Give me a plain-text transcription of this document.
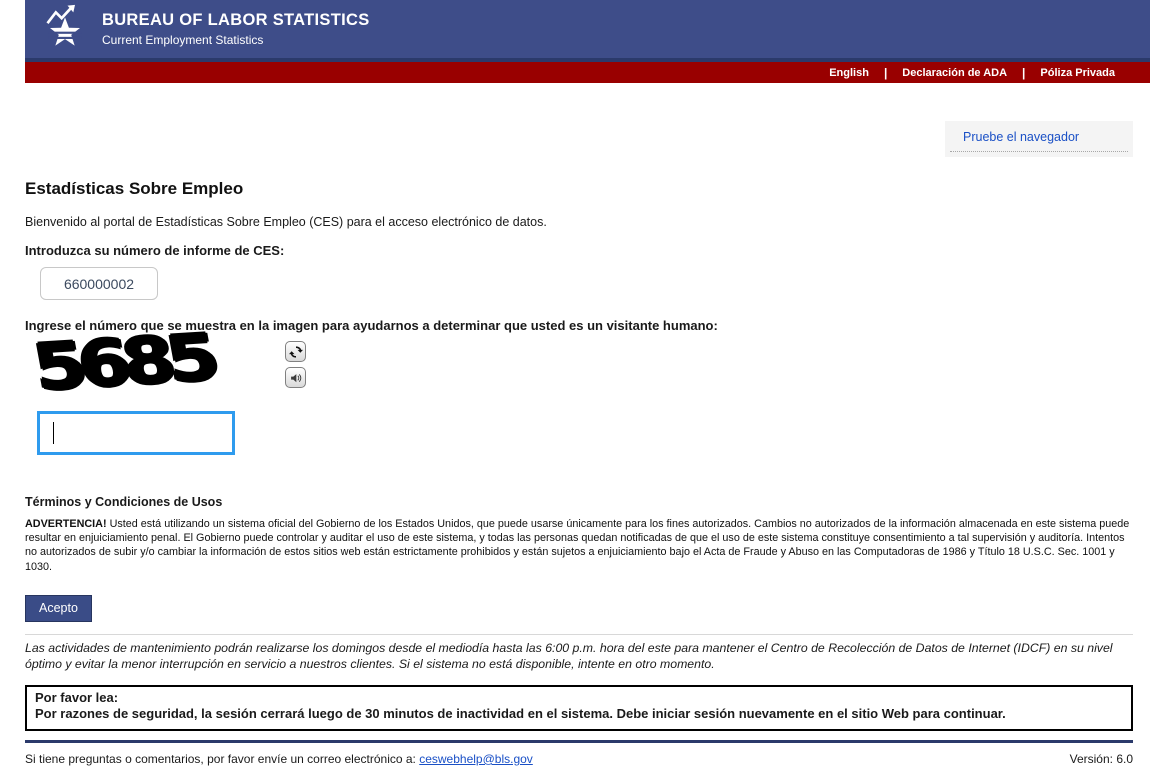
BUREAU OF LABOR STATISTICS
Current Employment Statistics
English | Declaración de ADA | Póliza Privada
Pruebe el navegador
Estadísticas Sobre Empleo

Bienvenido al portal de Estadísticas Sobre Empleo (CES) para el acceso electrónico de datos.

Introduzca su número de informe de CES:
660000002
Ingrese el número que se muestra en la imagen para ayudarnos a determinar que usted es un visitante humano:
5685
Términos y Condiciones de Usos

ADVERTENCIA! Usted está utilizando un sistema oficial del Gobierno de los Estados Unidos, que puede usarse únicamente para los fines autorizados. Cambios no autorizados de la información almacenada en este sistema puede resultar en enjuiciamiento penal. El Gobierno puede controlar y auditar el uso de este sistema, y todas las personas quedan notificadas de que el uso de este sistema constituye consentimiento a tal supervisión y auditoría. Intentos no autorizados de subir y/o cambiar la información de estos sitios web están estrictamente prohibidos y están sujetos a enjuiciamiento bajo el Acta de Fraude y Abuso en las Computadoras de 1986 y Título 18 U.S.C. Sec. 1001 y 1030.

Acepto

Las actividades de mantenimiento podrán realizarse los domingos desde el mediodía hasta las 6:00 p.m. hora del este para mantener el Centro de Recolección de Datos de Internet (IDCF) en su nivel óptimo y evitar la menor interrupción en servicio a nuestros clientes. Si el sistema no está disponible, intente en otro momento.

Por favor lea:
Por razones de seguridad, la sesión cerrará luego de 30 minutos de inactividad en el sistema. Debe iniciar sesión nuevamente en el sitio Web para continuar.
Si tiene preguntas o comentarios, por favor envíe un correo electrónico a: ceswebhelp@bls.gov	Versión: 6.0
